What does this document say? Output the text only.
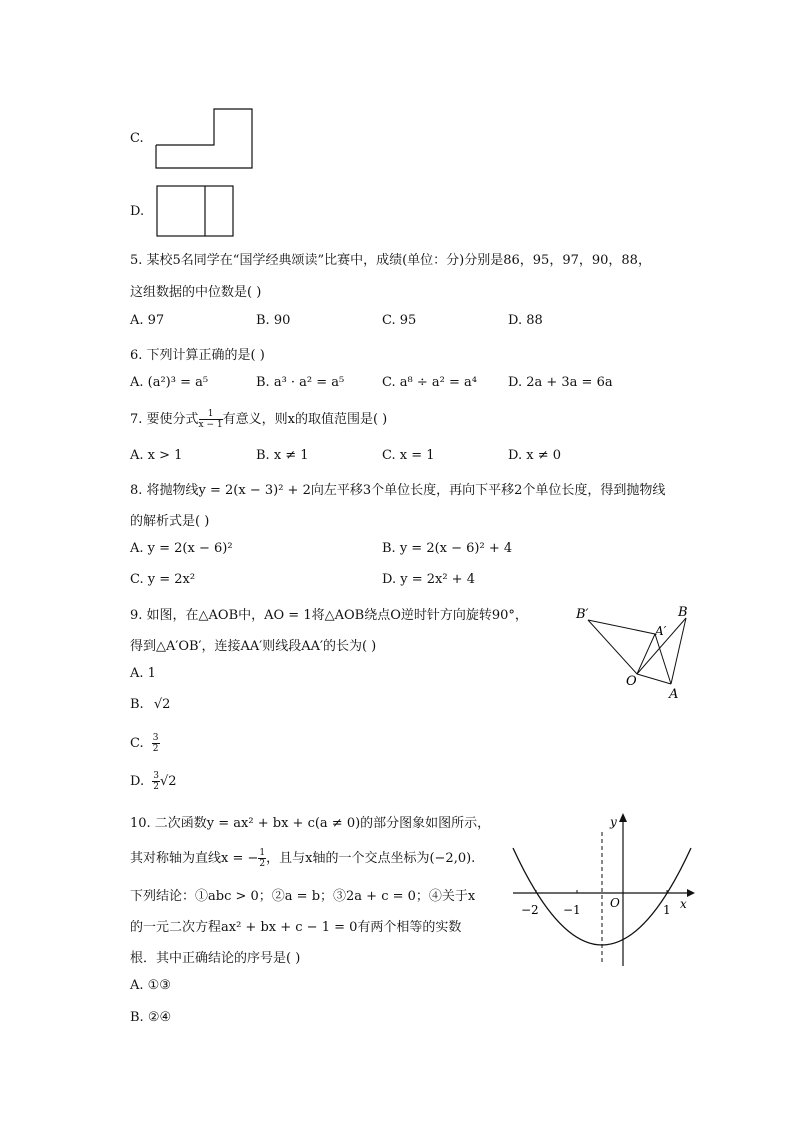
C.
D.
5. 某校5名同学在“国学经典颂读”比赛中，成绩(单位：分)分别是86，95，97，90，88，
这组数据的中位数是( )
A. 97	B. 90	C. 95	D. 88
6. 下列计算正确的是( )
A. (a²)³ = a⁵	B. a³ · a² = a⁵	C. a⁸ ÷ a² = a⁴ D. 2a + 3a = 6a
7. 要使分式 $\frac{1}{x - 1}$ 有意义，则x的取值范围是( )
A. x > 1	B. x ≠ 1	C. x = 1	D. x ≠ 0
8. 将抛物线y = 2(x − 3)² + 2向左平移3个单位长度，再向下平移2个单位长度，得到抛物线
的解析式是( )
A. y = 2(x − 6)²	B. y = 2(x − 6)² + 4
C. y = 2x²	D. y = 2x² + 4
9. 如图，在△AOB中，AO = 1将△AOB绕点O逆时针方向旋转90°，
得到△A′OB′，连接AA′则线段AA′的长为( )
A. 1
B. √2
C. $\frac{3}{2}$
D. $\frac{3}{2} √2$
B′	B
A′
O
A
10. 二次函数y = ax² + bx + c(a ≠ 0)的部分图象如图所示，
其对称轴为直线x = − $\frac{1}{2}$ ，且与x轴的一个交点坐标为(−2,0).
下列结论：①abc > 0；②a = b；③2a + c = 0；④关于x
的一元二次方程ax² + bx + c − 1 = 0有两个相等的实数
根．其中正确结论的序号是( )
A. ①③
B. ②④
y
x
O
−2 −1	1
